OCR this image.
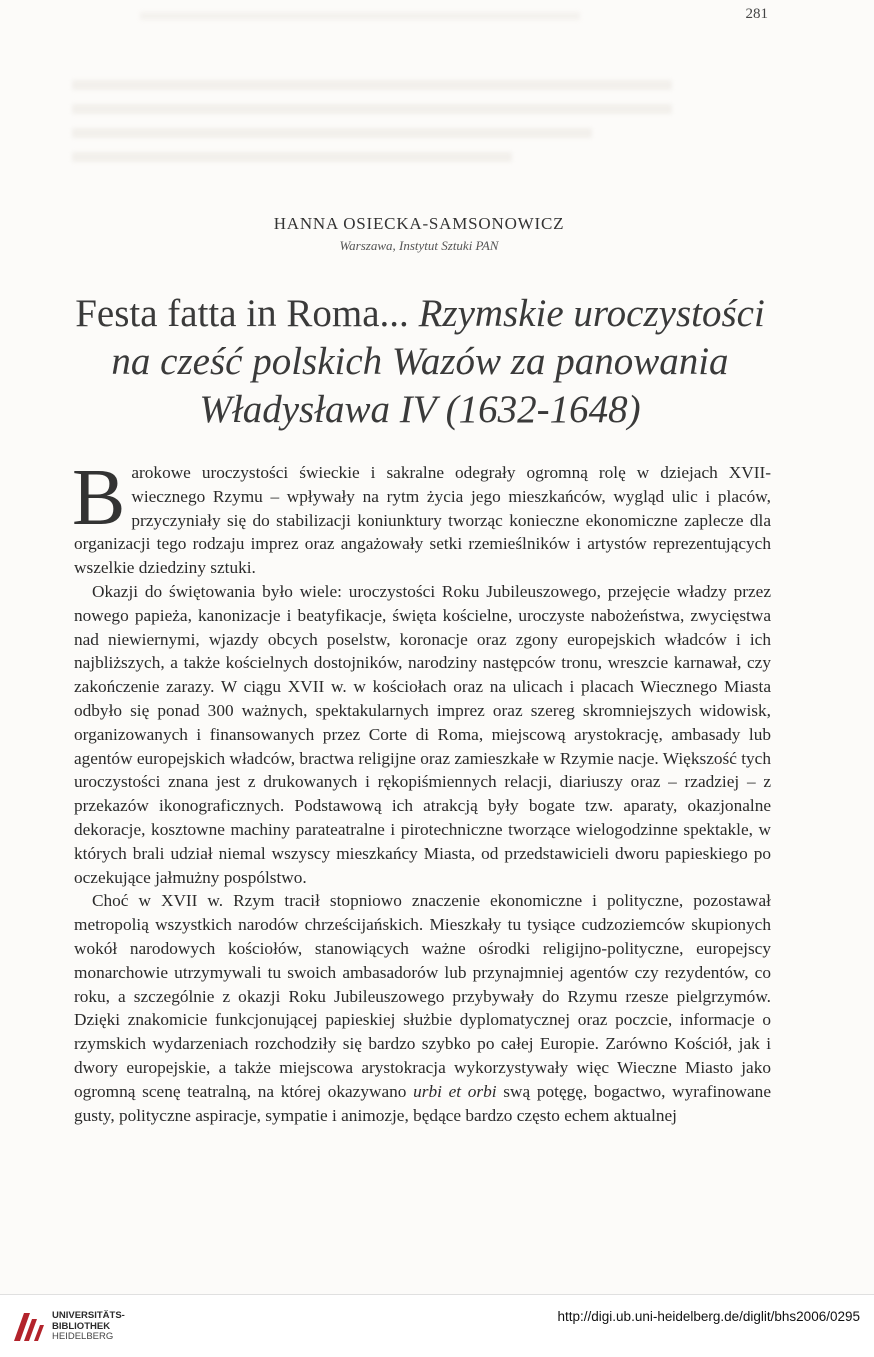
281
HANNA OSIECKA-SAMSONOWICZ
Warszawa, Instytut Sztuki PAN
Festa fatta in Roma... Rzymskie uroczystości
na cześć polskich Wazów za panowania
Władysława IV (1632-1648)

Barokowe uroczystości świeckie i sakralne odegrały ogromną rolę w dziejach XVII-wiecznego Rzymu – wpływały na rytm życia jego mieszkańców, wygląd ulic i placów, przyczyniały się do stabilizacji koniunktury tworząc konieczne ekonomiczne zaplecze dla organizacji tego rodzaju imprez oraz angażowały setki rzemieślników i artystów reprezentujących wszelkie dziedziny sztuki.

Okazji do świętowania było wiele: uroczystości Roku Jubileuszowego, przejęcie władzy przez nowego papieża, kanonizacje i beatyfikacje, święta kościelne, uroczyste nabożeństwa, zwycięstwa nad niewiernymi, wjazdy obcych poselstw, koronacje oraz zgony europejskich władców i ich najbliższych, a także kościelnych dostojników, narodziny następców tronu, wreszcie karnawał, czy zakończenie zarazy. W ciągu XVII w. w kościołach oraz na ulicach i placach Wiecznego Miasta odbyło się ponad 300 ważnych, spektakularnych imprez oraz szereg skromniejszych widowisk, organizowanych i finansowanych przez Corte di Roma, miejscową arystokrację, ambasady lub agentów europejskich władców, bractwa religijne oraz zamieszkałe w Rzymie nacje. Większość tych uroczystości znana jest z drukowanych i rękopiśmiennych relacji, diariuszy oraz – rzadziej – z przekazów ikonograficznych. Podstawową ich atrakcją były bogate tzw. aparaty, okazjonalne dekoracje, kosztowne machiny parateatralne i pirotechniczne tworzące wielogodzinne spektakle, w których brali udział niemal wszyscy mieszkańcy Miasta, od przedstawicieli dworu papieskiego po oczekujące jałmużny pospólstwo.

Choć w XVII w. Rzym tracił stopniowo znaczenie ekonomiczne i polityczne, pozostawał metropolią wszystkich narodów chrześcijańskich. Mieszkały tu tysiące cudzoziemców skupionych wokół narodowych kościołów, stanowiących ważne ośrodki religijno-polityczne, europejscy monarchowie utrzymywali tu swoich ambasadorów lub przynajmniej agentów czy rezydentów, co roku, a szczególnie z okazji Roku Jubileuszowego przybywały do Rzymu rzesze pielgrzymów. Dzięki znakomicie funkcjonującej papieskiej służbie dyplomatycznej oraz poczcie, informacje o rzymskich wydarzeniach rozchodziły się bardzo szybko po całej Europie. Zarówno Kościół, jak i dwory europejskie, a także miejscowa arystokracja wykorzystywały więc Wieczne Miasto jako ogromną scenę teatralną, na której okazywano urbi et orbi swą potęgę, bogactwo, wyrafinowane gusty, polityczne aspiracje, sympatie i animozje, będące bardzo często echem aktualnej

UNIVERSITÄTS-
BIBLIOTHEK
HEIDELBERG
http://digi.ub.uni-heidelberg.de/diglit/bhs2006/0295
